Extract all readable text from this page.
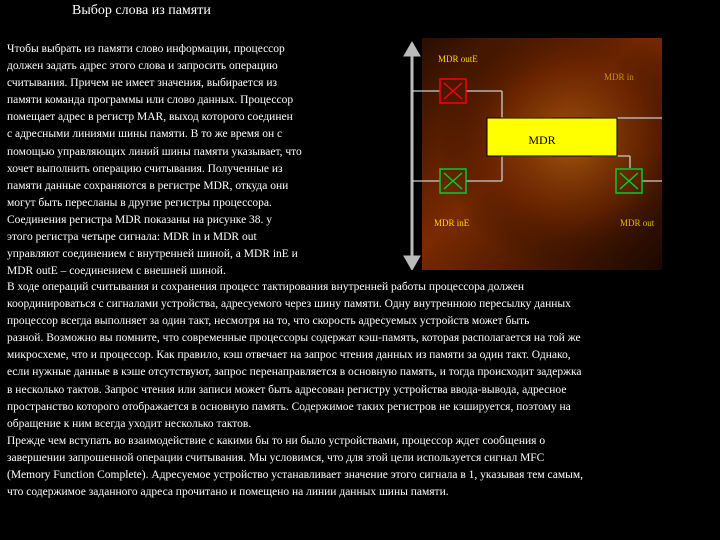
Выбор слова из памяти
Чтобы выбрать из памяти слово информации, процессор
должен задать адрес этого слова и запросить операцию
считывания. Причем не имеет значения, выбирается из
памяти команда программы или слово данных. Процессор
помещает адрес в регистр MAR, выход которого соединен
с адресными линиями шины памяти. В то же время он с
помощью управляющих линий шины памяти указывает, что
хочет выполнить операцию считывания. Полученные из
памяти данные сохраняются в регистре MDR, откуда они
могут быть пересланы в другие регистры процессора.
Соединения регистра MDR показаны на рисунке 38. у
этого регистра четыре сигнала: MDR in и MDR out
управляют соединением с внутренней шиной, а MDR inE и
MDR outE – соединением с внешней шиной.
MDR
MDR outE
MDR inE	MDR out
MDR in
В ходе операций считывания и сохранения процесс тактирования внутренней работы процессора должен
координироваться с сигналами устройства, адресуемого через шину памяти. Одну внутреннюю пересылку данных
процессор всегда выполняет за один такт, несмотря на то, что скорость адресуемых устройств может быть
разной. Возможно вы помните, что современные процессоры содержат кэш-память, которая располагается на той же
микросхеме, что и процессор. Как правило, кэш отвечает на запрос чтения данных из памяти за один такт. Однако,
если нужные данные в кэше отсутствуют, запрос перенаправляется в основную память, и тогда происходит задержка
в несколько тактов. Запрос чтения или записи может быть адресован регистру устройства ввода-вывода, адресное
пространство которого отображается в основную память. Содержимое таких регистров не кэшируется, поэтому на
обращение к ним всегда уходит несколько тактов.
Прежде чем вступать во взаимодействие с какими бы то ни было устройствами, процессор ждет сообщения о
завершении запрошенной операции считывания. Мы условимся, что для этой цели используется сигнал MFC
(Memory Function Complete). Адресуемое устройство устанавливает значение этого сигнала в 1, указывая тем самым,
что содержимое заданного адреса прочитано и помещено на линии данных шины памяти.
